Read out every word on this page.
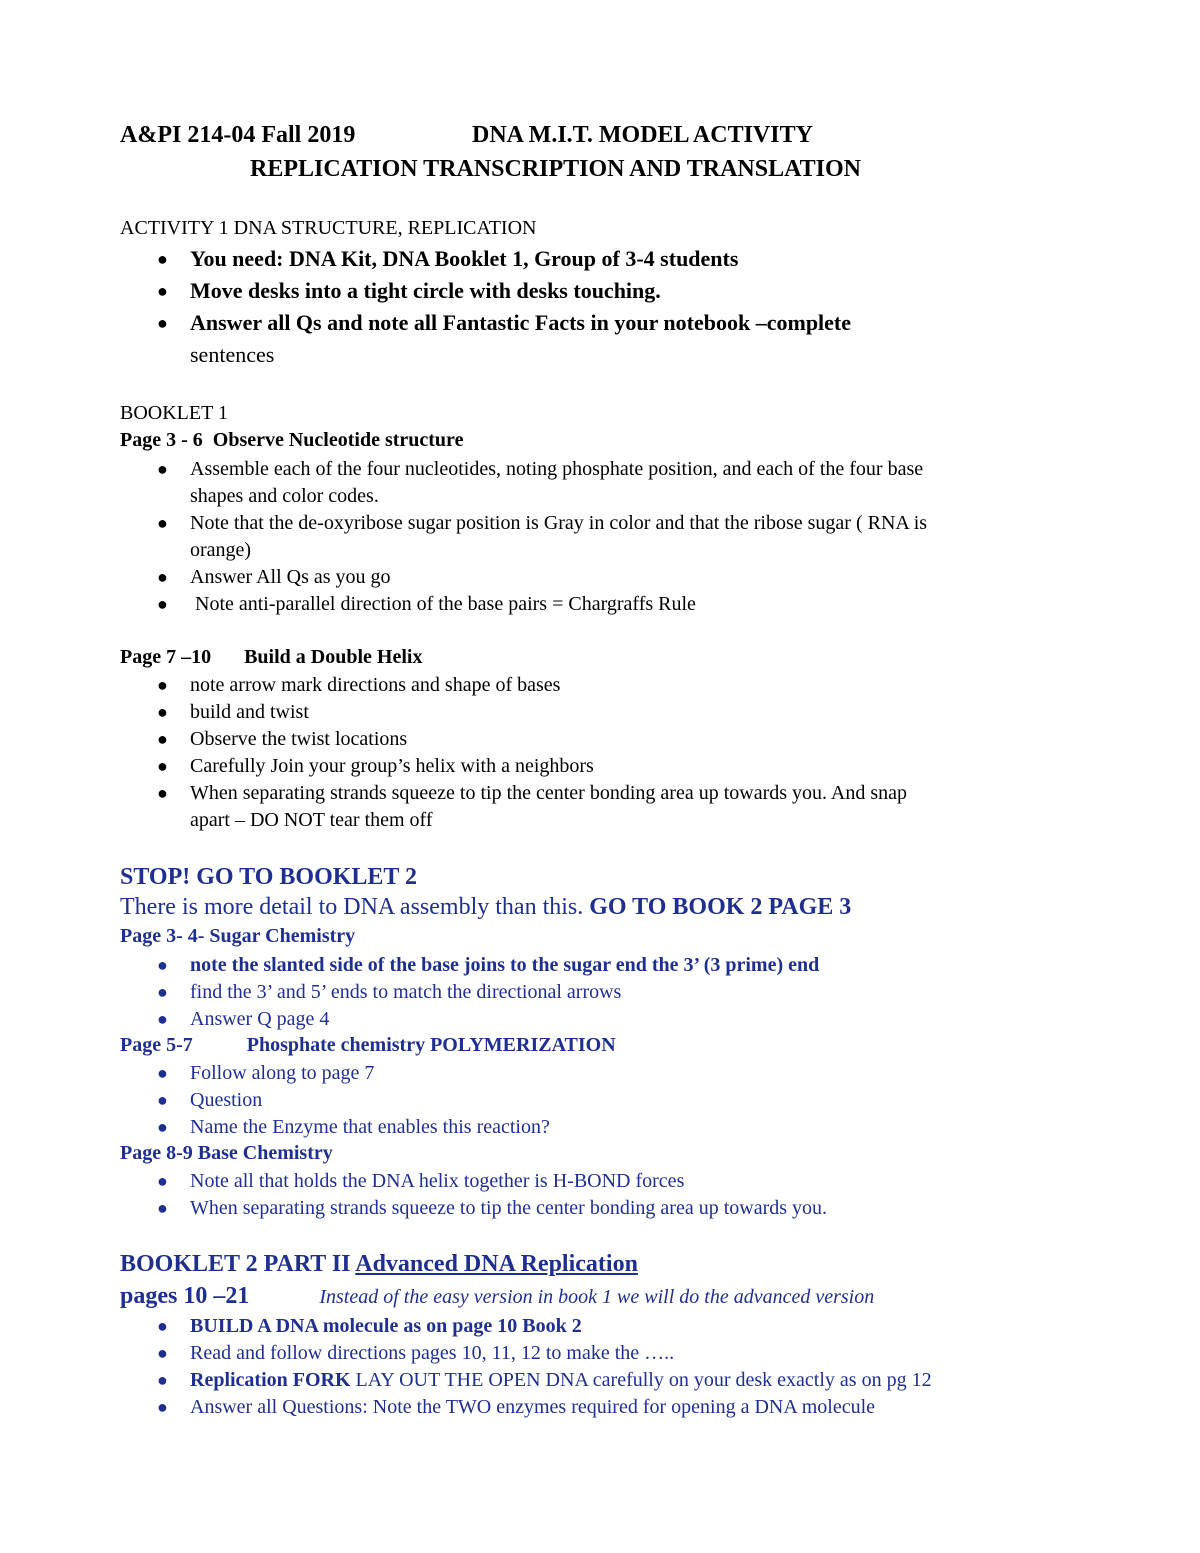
A&PI 214-04 Fall 2019	DNA M.I.T. MODEL ACTIVITY
REPLICATION TRANSCRIPTION AND TRANSLATION
ACTIVITY 1 DNA STRUCTURE, REPLICATION
● You need: DNA Kit, DNA Booklet 1, Group of 3-4 students
● Move desks into a tight circle with desks touching.
● Answer all Qs and note all Fantastic Facts in your notebook –complete
sentences
BOOKLET 1
Page 3 - 6 Observe Nucleotide structure
● Assemble each of the four nucleotides, noting phosphate position, and each of the four base
shapes and color codes.
● Note that the de-oxyribose sugar position is Gray in color and that the ribose sugar ( RNA is
orange)
● Answer All Qs as you go
● Note anti-parallel direction of the base pairs = Chargraffs Rule
Page 7 –10 Build a Double Helix
● note arrow mark directions and shape of bases
● build and twist
● Observe the twist locations
● Carefully Join your group’s helix with a neighbors
● When separating strands squeeze to tip the center bonding area up towards you. And snap
apart – DO NOT tear them off
STOP! GO TO BOOKLET 2
There is more detail to DNA assembly than this. GO TO BOOK 2 PAGE 3
Page 3- 4- Sugar Chemistry
● note the slanted side of the base joins to the sugar end the 3’ (3 prime) end
● find the 3’ and 5’ ends to match the directional arrows
● Answer Q page 4
Page 5-7	Phosphate chemistry POLYMERIZATION
● Follow along to page 7
● Question
● Name the Enzyme that enables this reaction?
Page 8-9 Base Chemistry
● Note all that holds the DNA helix together is H-BOND forces
● When separating strands squeeze to tip the center bonding area up towards you.
BOOKLET 2 PART II Advanced DNA Replication
pages 10 –21	Instead of the easy version in book 1 we will do the advanced version
● BUILD A DNA molecule as on page 10 Book 2
● Read and follow directions pages 10, 11, 12 to make the …..
● Replication FORK LAY OUT THE OPEN DNA carefully on your desk exactly as on pg 12
● Answer all Questions: Note the TWO enzymes required for opening a DNA molecule
